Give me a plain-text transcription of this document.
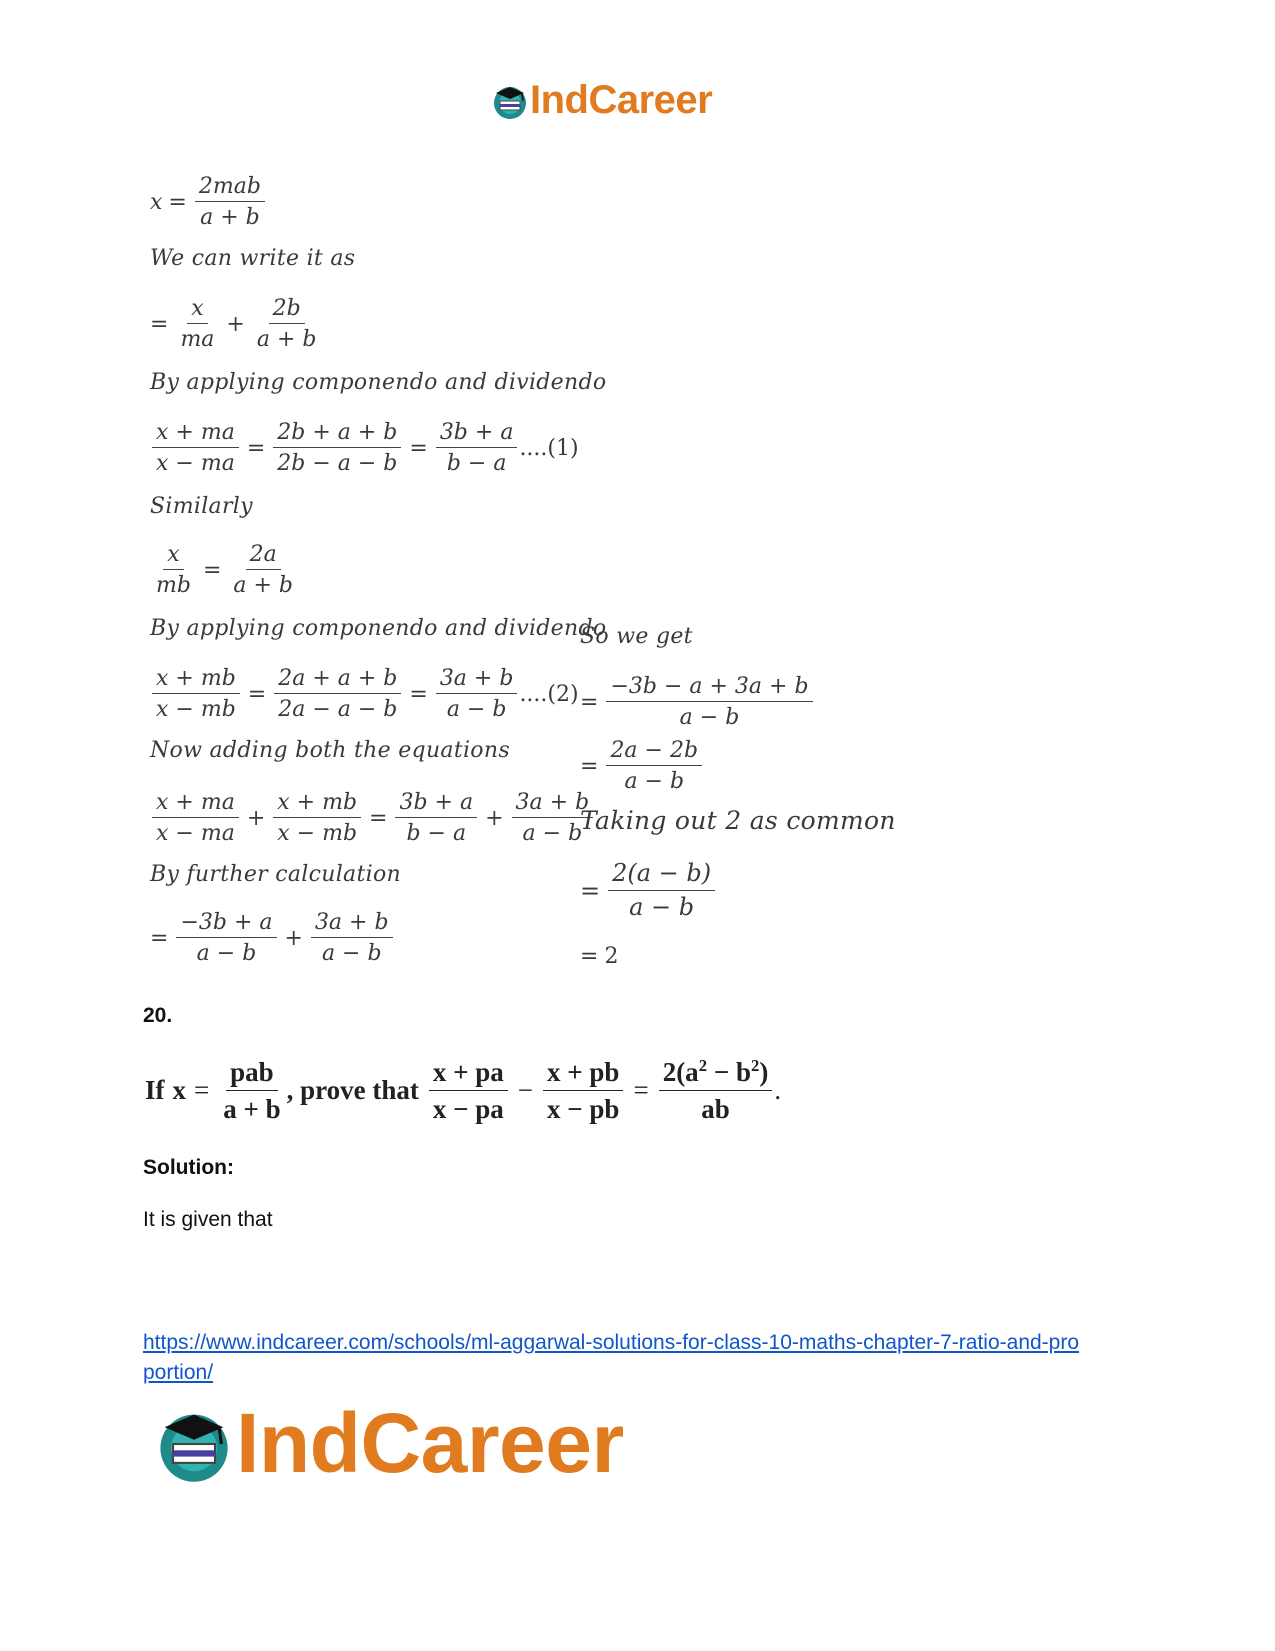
IndCareer
$x = \frac{\text{2mab}}{a + b}$
We can write it as
= $\frac{x}{ma} + \frac{2b}{a + b}$
By applying componendo and dividendo
$\frac{x + ma}{x - ma} = \frac{2b + a + b}{2b - a - b} = \frac{3b + a}{b - a} ....(1)$
Similarly
$\frac{x}{mb} = \frac{2a}{a + b}$
By applying componendo and dividendo
$\frac{x + mb}{x - mb} = \frac{2a + a + b}{2a - a - b} = \frac{3a + b}{a - b} ....(2)$
Now adding both the equations
$\frac{x + ma}{x - ma} + \frac{x + mb}{x - mb} = \frac{3b + a}{b - a} + \frac{3a + b}{a - b}$
By further calculation
= $\frac{-3b + a}{a - b} + \frac{3a + b}{a - b}$
So we get
= $\frac{-3b - a + 3a + b}{a - b}$
= $\frac{2a - 2b}{a - b}$
Taking out 2 as common
= $\frac{2(a - b)}{a - b}$
= 2
20.
If $x = \frac{\text{pab}}{a + b}$ , prove that $\frac{x + pa}{x - pa} - \frac{x + pb}{x - pb} = \frac{2(a^2 - b^2)}{ab}$ .
Solution:
It is given that
https://www.indcareer.com/schools/ml-aggarwal-solutions-for-class-10-maths-chapter-7-ratio-and-proportion/
IndCareer
